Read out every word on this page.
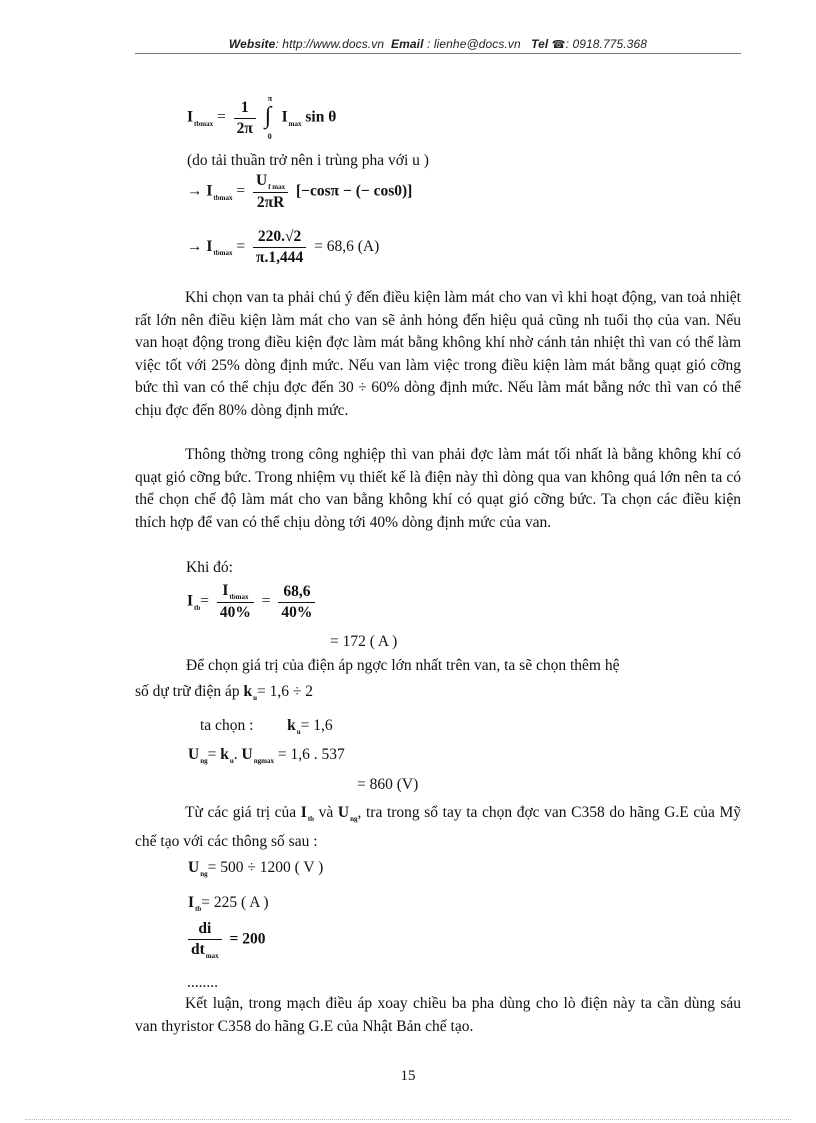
Website: http://www.docs.vn Email : lienhe@docs.vn Tel ☎: 0918.775.368
$I_{tbmax} = \frac{1}{2\pi}$
∫
π
0
$I_{max}$ sin θ
(do tải thuần trở nên i trùng pha với u )
→ $I_{tbmax} = \frac{U_{f max}}{2\pi R} [-\cos\pi$ − (− cos0)]
→ $I_{tbmax} = \frac{220.√2}{\pi.1,444} = 68,6$ (A)
Khi chọn van ta phải chú ý đến điều kiện làm mát cho van vì khi hoạt động, van toả nhiệt rất lớn nên điều kiện làm mát cho van sẽ ảnh hỏng đến hiệu quả cũng nh tuổi thọ của van. Nếu van hoạt động trong điều kiện đợc làm mát bằng không khí nhờ cánh tản nhiệt thì van có thể làm việc tốt với 25% dòng định mức. Nếu van làm việc trong điều kiện làm mát bằng quạt gió cỡng bức thì van có thể chịu đợc đến 30 ÷ 60% dòng định mức. Nếu làm mát bằng nớc thì van có thể chịu đợc đến 80% dòng định mức.
Thông thờng trong công nghiệp thì van phải đợc làm mát tối nhất là bằng không khí có quạt gió cỡng bức. Trong nhiệm vụ thiết kế là điện này thì dòng qua van không quá lớn nên ta có thể chọn chế độ làm mát cho van bằng không khí có quạt gió cỡng bức. Ta chọn các điều kiện thích hợp để van có thể chịu dòng tới 40% dòng định mức của van.
Khi đó:
$I_{tb}= \frac{I_{tbmax}}{40\%} = \frac{68,6}{40\%}$
= 172 ( A )
Để chọn giá trị của điện áp ngợc lớn nhất trên van, ta sẽ chọn thêm hệ
số dự trữ điện áp $k_u= 1,6 \div 2$
ta chọn : $k_u= 1,6$
$U_{ng}= k_u$. $U_{ngmax} = 1,6$ . 537
= 860 (V)
Từ các giá trị của $I_{tb}$ và $U_{ng}$, tra trong sổ tay ta chọn đợc van C358 do hãng G.E của Mỹ chế tạo với các thông số sau :
$U_{ng}= 500 \div 1200$ ( V )
$I_{tb}= 225$ ( A )
$\frac{di}{dt_{max}} = 200$
........
Kết luận, trong mạch điều áp xoay chiều ba pha dùng cho lò điện này ta cần dùng sáu van thyristor C358 do hãng G.E của Nhật Bản chế tạo.
15
